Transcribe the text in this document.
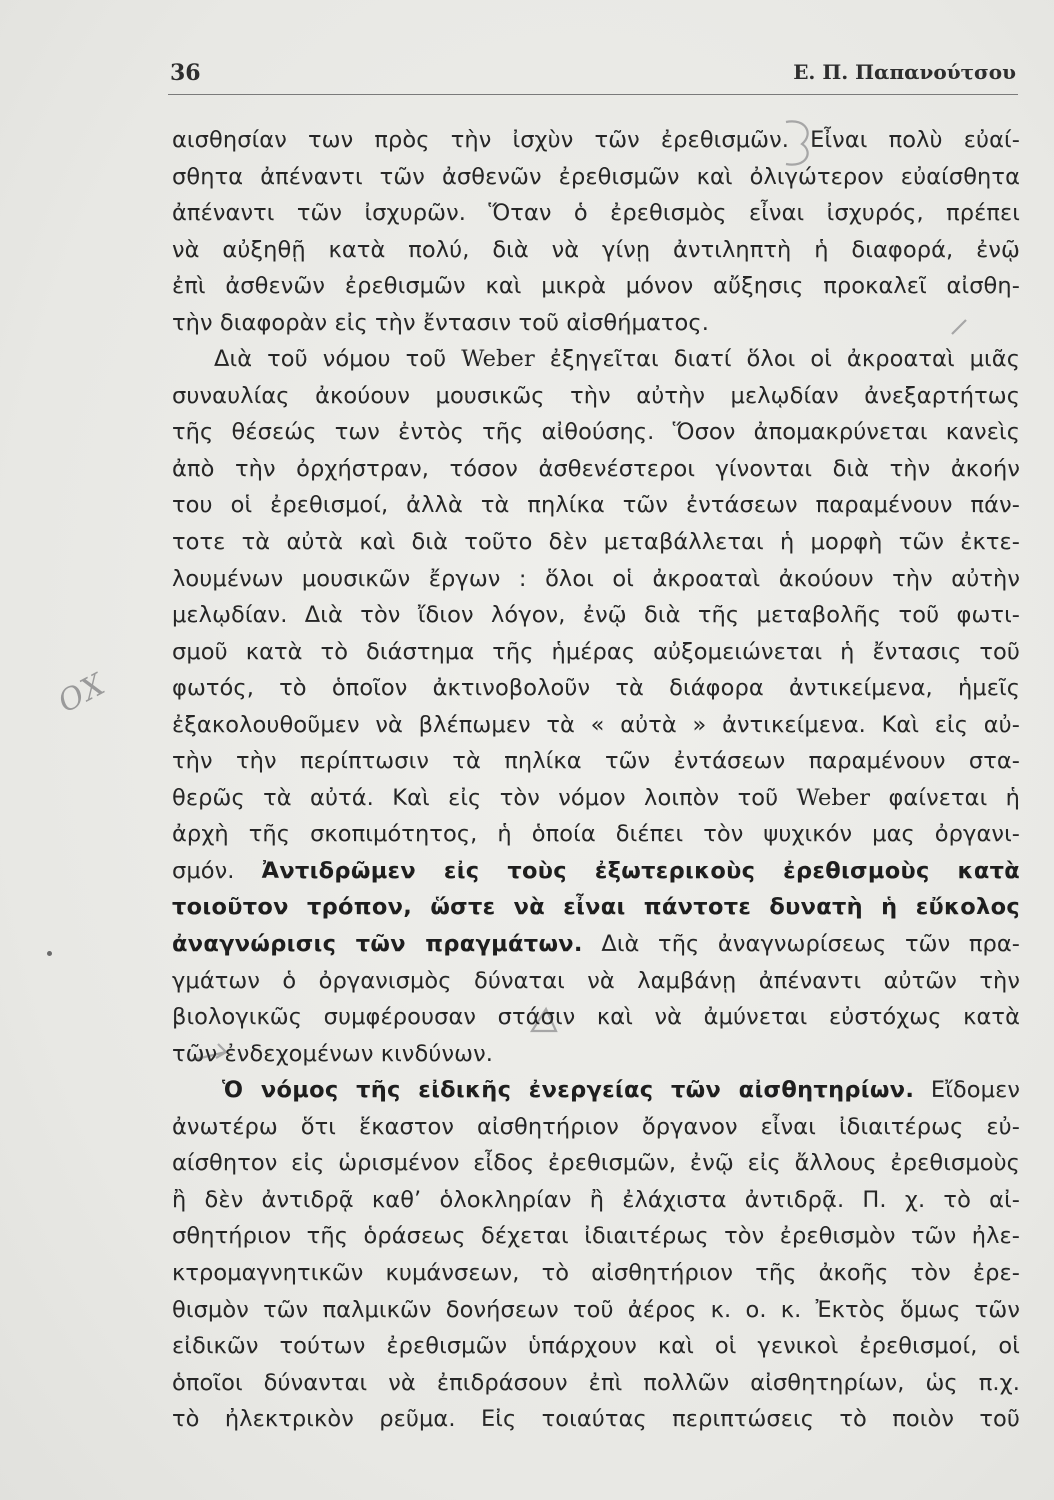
36	Ε. Π. Παπανούτσου
ΟΧ
αισθησίαν των πρὸς τὴν ἰσχὺν τῶν ἐρεθισμῶν. Εἶναι πολὺ εὐαί-
σθητα ἀπέναντι τῶν ἀσθενῶν ἐρεθισμῶν καὶ ὀλιγώτερον εὐαίσθητα
ἀπέναντι τῶν ἰσχυρῶν. Ὅταν ὁ ἐρεθισμὸς εἶναι ἰσχυρός, πρέπει
νὰ αὐξηθῇ κατὰ πολύ, διὰ νὰ γίνῃ ἀντιληπτὴ ἡ διαφορά, ἐνῷ
ἐπὶ ἀσθενῶν ἐρεθισμῶν καὶ μικρὰ μόνον αὔξησις προκαλεῖ αἰσθη-
τὴν διαφορὰν εἰς τὴν ἔντασιν τοῦ αἰσθήματος.
Διὰ τοῦ νόμου τοῦ Weber ἐξηγεῖται διατί ὅλοι οἱ ἀκροαταὶ μιᾶς
συναυλίας ἀκούουν μουσικῶς τὴν αὐτὴν μελῳδίαν ἀνεξαρτήτως
τῆς θέσεώς των ἐντὸς τῆς αἰθούσης. Ὅσον ἀπομακρύνεται κανεὶς
ἀπὸ τὴν ὀρχήστραν, τόσον ἀσθενέστεροι γίνονται διὰ τὴν ἀκοήν
του οἱ ἐρεθισμοί, ἀλλὰ τὰ πηλίκα τῶν ἐντάσεων παραμένουν πάν-
τοτε τὰ αὐτὰ καὶ διὰ τοῦτο δὲν μεταβάλλεται ἡ μορφὴ τῶν ἐκτε-
λουμένων μουσικῶν ἔργων : ὅλοι οἱ ἀκροαταὶ ἀκούουν τὴν αὐτὴν
μελῳδίαν. Διὰ τὸν ἴδιον λόγον, ἐνῷ διὰ τῆς μεταβολῆς τοῦ φωτι-
σμοῦ κατὰ τὸ διάστημα τῆς ἡμέρας αὐξομειώνεται ἡ ἔντασις τοῦ
φωτός, τὸ ὁποῖον ἀκτινοβολοῦν τὰ διάφορα ἀντικείμενα, ἡμεῖς
ἐξακολουθοῦμεν νὰ βλέπωμεν τὰ « αὐτὰ » ἀντικείμενα. Καὶ εἰς αὐ-
τὴν τὴν περίπτωσιν τὰ πηλίκα τῶν ἐντάσεων παραμένουν στα-
θερῶς τὰ αὐτά. Καὶ εἰς τὸν νόμον λοιπὸν τοῦ Weber φαίνεται ἡ
ἀρχὴ τῆς σκοπιμότητος, ἡ ὁποία διέπει τὸν ψυχικόν μας ὀργανι-
σμόν. Ἀντιδρῶμεν εἰς τοὺς ἐξωτερικοὺς ἐρεθισμοὺς κατὰ
τοιοῦτον τρόπον, ὥστε νὰ εἶναι πάντοτε δυνατὴ ἡ εὔκολος
ἀναγνώρισις τῶν πραγμάτων. Διὰ τῆς ἀναγνωρίσεως τῶν πρα-
γμάτων ὁ ὀργανισμὸς δύναται νὰ λαμβάνῃ ἀπέναντι αὐτῶν τὴν
βιολογικῶς συμφέρουσαν στάσιν καὶ νὰ ἀμύνεται εὐστόχως κατὰ
τῶν ἐνδεχομένων κινδύνων.
Ὁ νόμος τῆς εἰδικῆς ἐνεργείας τῶν αἰσθητηρίων. Εἴδομεν
ἀνωτέρω ὅτι ἕκαστον αἰσθητήριον ὄργανον εἶναι ἰδιαιτέρως εὐ-
αίσθητον εἰς ὡρισμένον εἶδος ἐρεθισμῶν, ἐνῷ εἰς ἄλλους ἐρεθισμοὺς
ἢ δὲν ἀντιδρᾷ καθ’ ὁλοκληρίαν ἢ ἐλάχιστα ἀντιδρᾷ. Π. χ. τὸ αἰ-
σθητήριον τῆς ὁράσεως δέχεται ἰδιαιτέρως τὸν ἐρεθισμὸν τῶν ἠλε-
κτρομαγνητικῶν κυμάνσεων, τὸ αἰσθητήριον τῆς ἀκοῆς τὸν ἐρε-
θισμὸν τῶν παλμικῶν δονήσεων τοῦ ἀέρος κ. ο. κ. Ἐκτὸς ὅμως τῶν
εἰδικῶν τούτων ἐρεθισμῶν ὑπάρχουν καὶ οἱ γενικοὶ ἐρεθισμοί, οἱ
ὁποῖοι δύνανται νὰ ἐπιδράσουν ἐπὶ πολλῶν αἰσθητηρίων, ὡς π.χ.
τὸ ἠλεκτρικὸν ρεῦμα. Εἰς τοιαύτας περιπτώσεις τὸ ποιὸν τοῦ
